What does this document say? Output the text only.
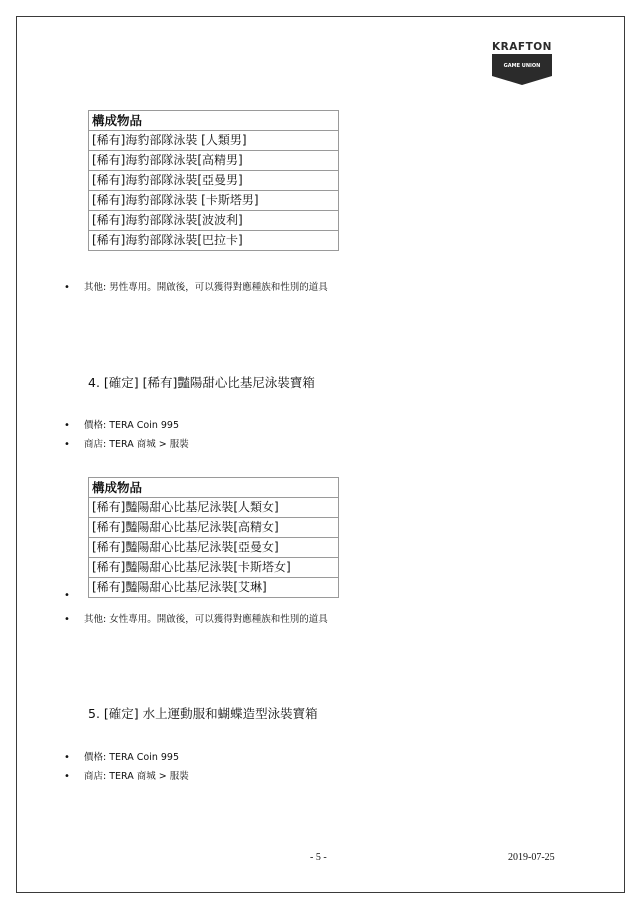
KRAFTON
GAME UNION
構成物品
[稀有]海豹部隊泳裝 [人類男]
[稀有]海豹部隊泳裝[高精男]
[稀有]海豹部隊泳裝[亞曼男]
[稀有]海豹部隊泳裝 [卡斯塔男]
[稀有]海豹部隊泳裝[波波利]
[稀有]海豹部隊泳裝[巴拉卡]
• 其他: 男性專用。開啟後，可以獲得對應種族和性別的道具
4. [確定] [稀有]豔陽甜心比基尼泳裝寶箱
• 價格: TERA Coin 995
• 商店: TERA 商城 > 服裝
構成物品
[稀有]豔陽甜心比基尼泳裝[人類女]
[稀有]豔陽甜心比基尼泳裝[高精女]
[稀有]豔陽甜心比基尼泳裝[亞曼女]
[稀有]豔陽甜心比基尼泳裝[卡斯塔女]
[稀有]豔陽甜心比基尼泳裝[艾琳]
•
• 其他: 女性專用。開啟後，可以獲得對應種族和性別的道具
5. [確定] 水上運動服和蝴蝶造型泳裝寶箱
• 價格: TERA Coin 995
• 商店: TERA 商城 > 服裝
- 5 -	2019-07-25
